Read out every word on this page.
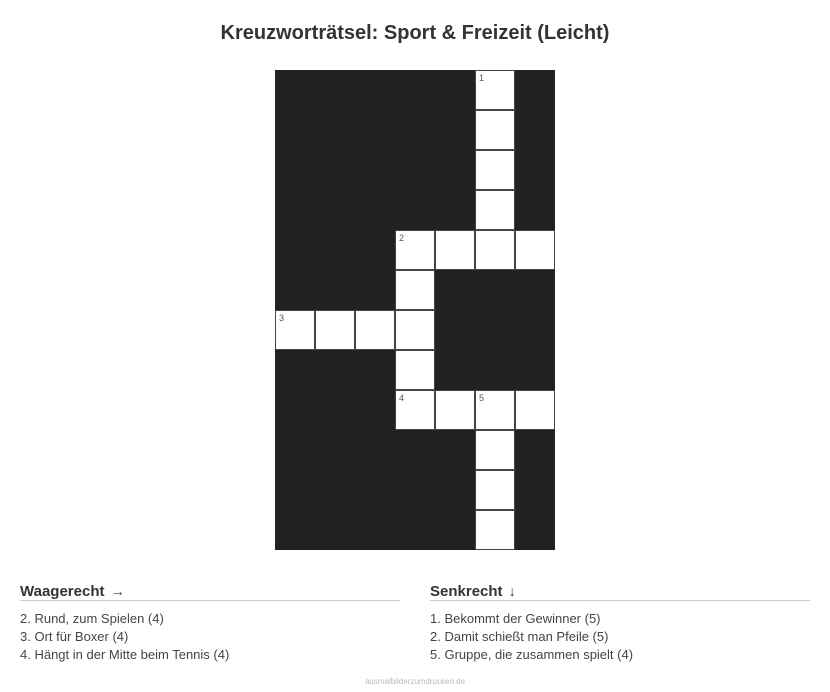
Kreuzworträtsel: Sport & Freizeit (Leicht)
1
2
3
4	5
Waagerecht →
2. Rund, zum Spielen (4)
3. Ort für Boxer (4)
4. Hängt in der Mitte beim Tennis (4)
Senkrecht ↓
1. Bekommt der Gewinner (5)
2. Damit schießt man Pfeile (5)
5. Gruppe, die zusammen spielt (4)
ausmalbilderzumdrucken.de
